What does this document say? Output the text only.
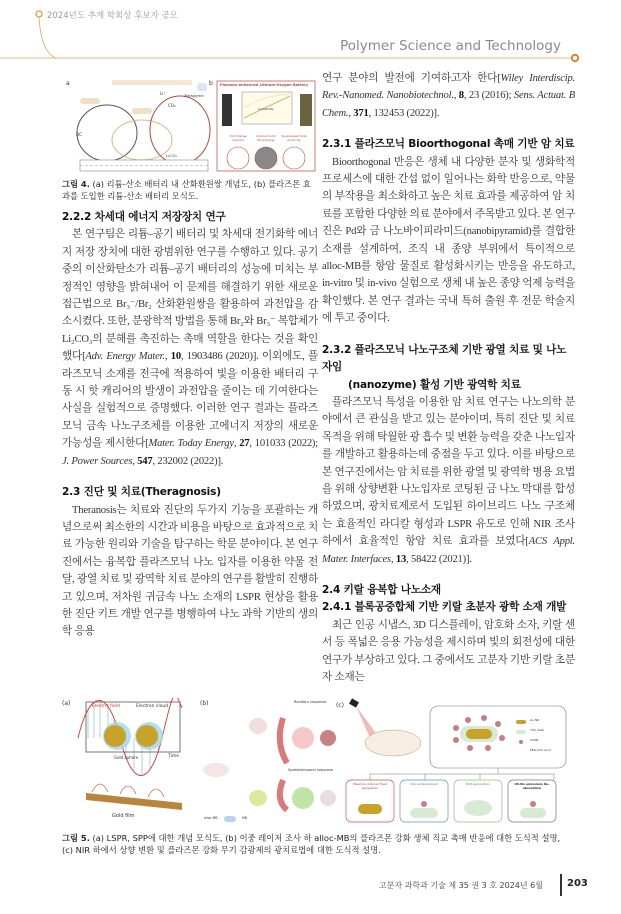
2024년도 추계 학회상 후보자 공모
Polymer Science and Technology
a	b
DC
Li⁺
CO₂
Tetraglyme
Li₂CO₃
Plasmon-enhanced Lithium-Oxygen Battery
Cyclability
Hot Charge Carriers
Induced Li₂O₂ Morphology
Suppressed Side products
그림 4. (a) 리튬-산소 배터리 내 산화환원쌍 개념도, (b) 플라즈몬 효과를 도입한 리튬-산소 배터리 모식도.
2.2.2 차세대 에너지 저장장치 연구
본 연구팀은 리튬–공기 배터리 및 차세대 전기화학 에너지 저장 장치에 대한 광범위한 연구를 수행하고 있다. 공기 중의 이산화탄소가 리튬–공기 배터리의 성능에 미치는 부정적인 영향을 밝혀내어 이 문제를 해결하기 위한 새로운 접근법으로 Br₃⁻/Br₂ 산화환원쌍을 활용하여 과전압을 감소시켰다. 또한, 분광학적 방법을 통해 Br₂와 Br₃⁻ 복합체가 Li₂CO₃의 분해를 촉진하는 촉매 역할을 한다는 것을 확인했다[Adv. Energy Mater., 10, 1903486 (2020)]. 이외에도, 플라즈모닉 소재를 전극에 적용하여 빛을 이용한 배터리 구동 시 핫 캐리어의 발생이 과전압을 줄이는 데 기여한다는 사실을 실험적으로 증명했다. 이러한 연구 결과는 플라즈모닉 금속 나노구조체를 이용한 고에너지 저장의 새로운 가능성을 제시한다[Mater. Today Energy, 27, 101033 (2022); J. Power Sources, 547, 232002 (2022)].
2.3 진단 및 치료(Theragnosis)
Theranosis는 치료와 진단의 두가지 기능을 포괄하는 개념으로써 최소한의 시간과 비용을 바탕으로 효과적으로 치료 가능한 원리와 기술을 탐구하는 학문 분야이다. 본 연구진에서는 융복합 플라즈모닉 나노 입자를 이용한 약물 전달, 광열 치료 및 광역학 치료 분야의 연구를 활발히 진행하고 있으며, 저차원 귀금속 나노 소재의 LSPR 현상을 활용한 진단 키트 개발 연구를 병행하여 나노 과학 기반의 생의학 응용
연구 분야의 발전에 기여하고자 한다[Wiley Interdiscip. Rev.-Nanomed. Nanobiotechnol., 8, 23 (2016); Sens. Actuat. B Chem., 371, 132453 (2022)].
2.3.1 플라즈모닉 Bioorthogonal 촉매 기반 암 치료
Bioorthogonal 반응은 생체 내 다양한 분자 및 생화학적 프로세스에 대한 간섭 없이 일어나는 화학 반응으로, 약물의 부작용을 최소화하고 높은 치료 효과를 제공하여 암 치료를 포함한 다양한 의료 분야에서 주목받고 있다. 본 연구진은 Pd와 금 나노바이피라미드(nanobipyramid)를 결합한 소재를 설계하여, 조직 내 종양 부위에서 특이적으로 alloc-MB를 항암 물질로 활성화시키는 반응을 유도하고, in-vitro 및 in-vivo 실험으로 생체 내 높은 종양 억제 능력을 확인했다. 본 연구 결과는 국내 특허 출원 후 전문 학술지에 투고 중이다.
2.3.2 플라즈모닉 나노구조체 기반 광열 치료 및 나노자임
(nanozyme) 활성 기반 광역학 치료
플라즈모닉 특성을 이용한 암 치료 연구는 나노의학 분야에서 큰 관심을 받고 있는 분야이며, 특히 진단 및 치료 목적을 위해 탁월한 광 흡수 및 변환 능력을 갖춘 나노입자를 개발하고 활용하는데 중점을 두고 있다. 이를 바탕으로 본 연구진에서는 암 치료를 위한 광열 및 광역학 병용 요법을 위해 상향변환 나노입자로 코팅된 금 나노 막대를 합성하였으며, 광치료제로서 도입된 하이브리드 나노 구조체는 효율적인 라디칼 형성과 LSPR 유도로 인해 NIR 조사 하에서 효율적인 항암 치료 효과를 보였다[ACS Appl. Mater. Interfaces, 13, 58422 (2021)].
2.4 키랄 융복합 나노소재
2.4.1 블록공중합체 기반 키랄 초분자 광학 소재 개발
최근 인공 시냅스, 3D 디스플레이, 암호화 소자, 키랄 센서 등 폭넓은 응용 가능성을 제시하며 빛의 회전성에 대한 연구가 부상하고 있다. 그 중에서도 고분자 기반 키랄 초분자 소재는
(a)	(b)	(c)
Electric field	Electron cloud
Gold sphere	Time
Gold film
Random response
Spatiotemporal response
alloc-MB	MB
Au NR
TiO₂ shell
UCNP
PEG-folic acid
Plasmon-induced Heat generation
UCL enhancement	ROS generation	UV-Vis emissions Re-absorption
그림 5. (a) LSPR, SPP에 대한 개념 모식도, (b) 이중 레이저 조사 하 alloc-MB의 플라즈몬 강화 생체 직교 촉매 반응에 대한 도식적 설명, (c) NIR 하에서 상향 변환 및 플라즈몬 강화 무기 감광제의 광치료법에 대한 도식적 설명.
고분자 과학과 기술 제 35 권 3 호 2024년 6월 203
